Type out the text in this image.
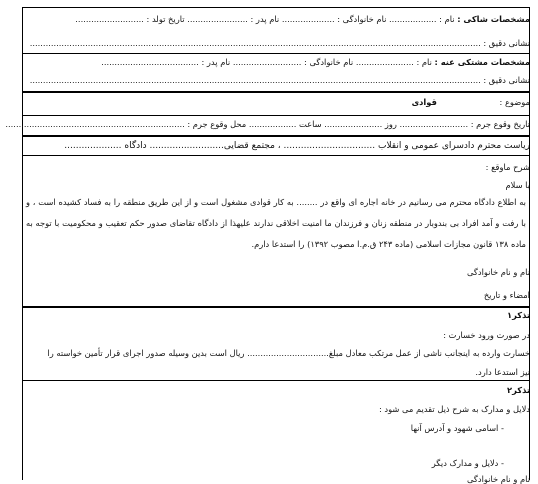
مشخصات شاکی : نام : .................. نام خانوادگی : .................... نام پدر : ....................... تاریخ تولد : ..........................
نشانی دقیق : ...........................................................................................................................................................................
مشخصات مشتکی عنه : نام : ...................... نام خانوادگی : .......................... نام پدر : .....................................
نشانی دقیق : ...........................................................................................................................................................................
موضوع : قوادی
تاریخ وقوع جرم : .......................... روز ...................... ساعت .................. محل وقوع جرم : ....................................................................
ریاست محترم دادسرای عمومی و انقلاب ................................ ، مجتمع قضایی.......................... دادگاه ....................
شرح ماوقع :
با سلام
به اطلاع دادگاه محترم می رسانیم در خانه اجاره ای واقع در ........ به کار قوادی مشغول است و از این طریق منطقه را به فساد کشیده است ، و با رفت و آمد افراد بی بندوبار در منطقه زنان و فرزندان ما امنیت اخلاقی ندارند علیهذا از دادگاه تقاضای صدور حکم تعقیب و محکومیت با توجه به ماده ۱۳۸ قانون مجازات اسلامی (ماده ۲۴۳ ق.م.ا مصوب ۱۳۹۲) را استدعا دارم.
نام و نام خانوادگی
امضاء و تاریخ
تذکر۱
در صورت ورود خسارت :
خسارت وارده به اینجانب ناشی از عمل مرتکب معادل مبلغ............................... ریال است بدین وسیله صدور اجرای قرار تأمین خواسته را
نیز استدعا دارد.
تذکر۲
دلایل و مدارک به شرح ذیل تقدیم می شود :
- اسامی شهود و آدرس آنها
- دلایل و مدارک دیگر
نام و نام خانوادگی
